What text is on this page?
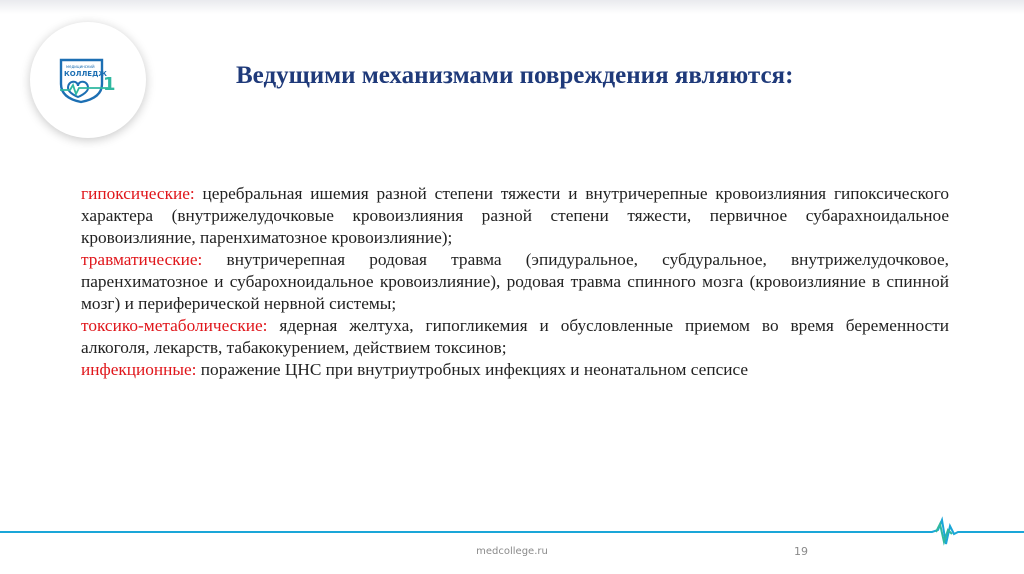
медицинский
КОЛЛЕДЖ
1	Ведущими механизмами повреждения являются:

гипоксические: церебральная ишемия разной степени тяжести и внутричерепные кровоизлияния гипоксического характера (внутрижелудочковые кровоизлияния разной степени тяжести, первичное субарахноидальное кровоизлияние, паренхиматозное кровоизлияние);

травматические: внутричерепная родовая травма (эпидуральное, субдуральное, внутрижелудочковое, паренхиматозное и субарохноидальное кровоизлияние), родовая травма спинного мозга (кровоизлияние в спинной мозг) и периферической нервной системы;

токсико-метаболические: ядерная желтуха, гипогликемия и обусловленные приемом во время беременности алкоголя, лекарств, табакокурением, действием токсинов;

инфекционные: поражение ЦНС при внутриутробных инфекциях и неонатальном сепсисе

medcollege.ru	19
